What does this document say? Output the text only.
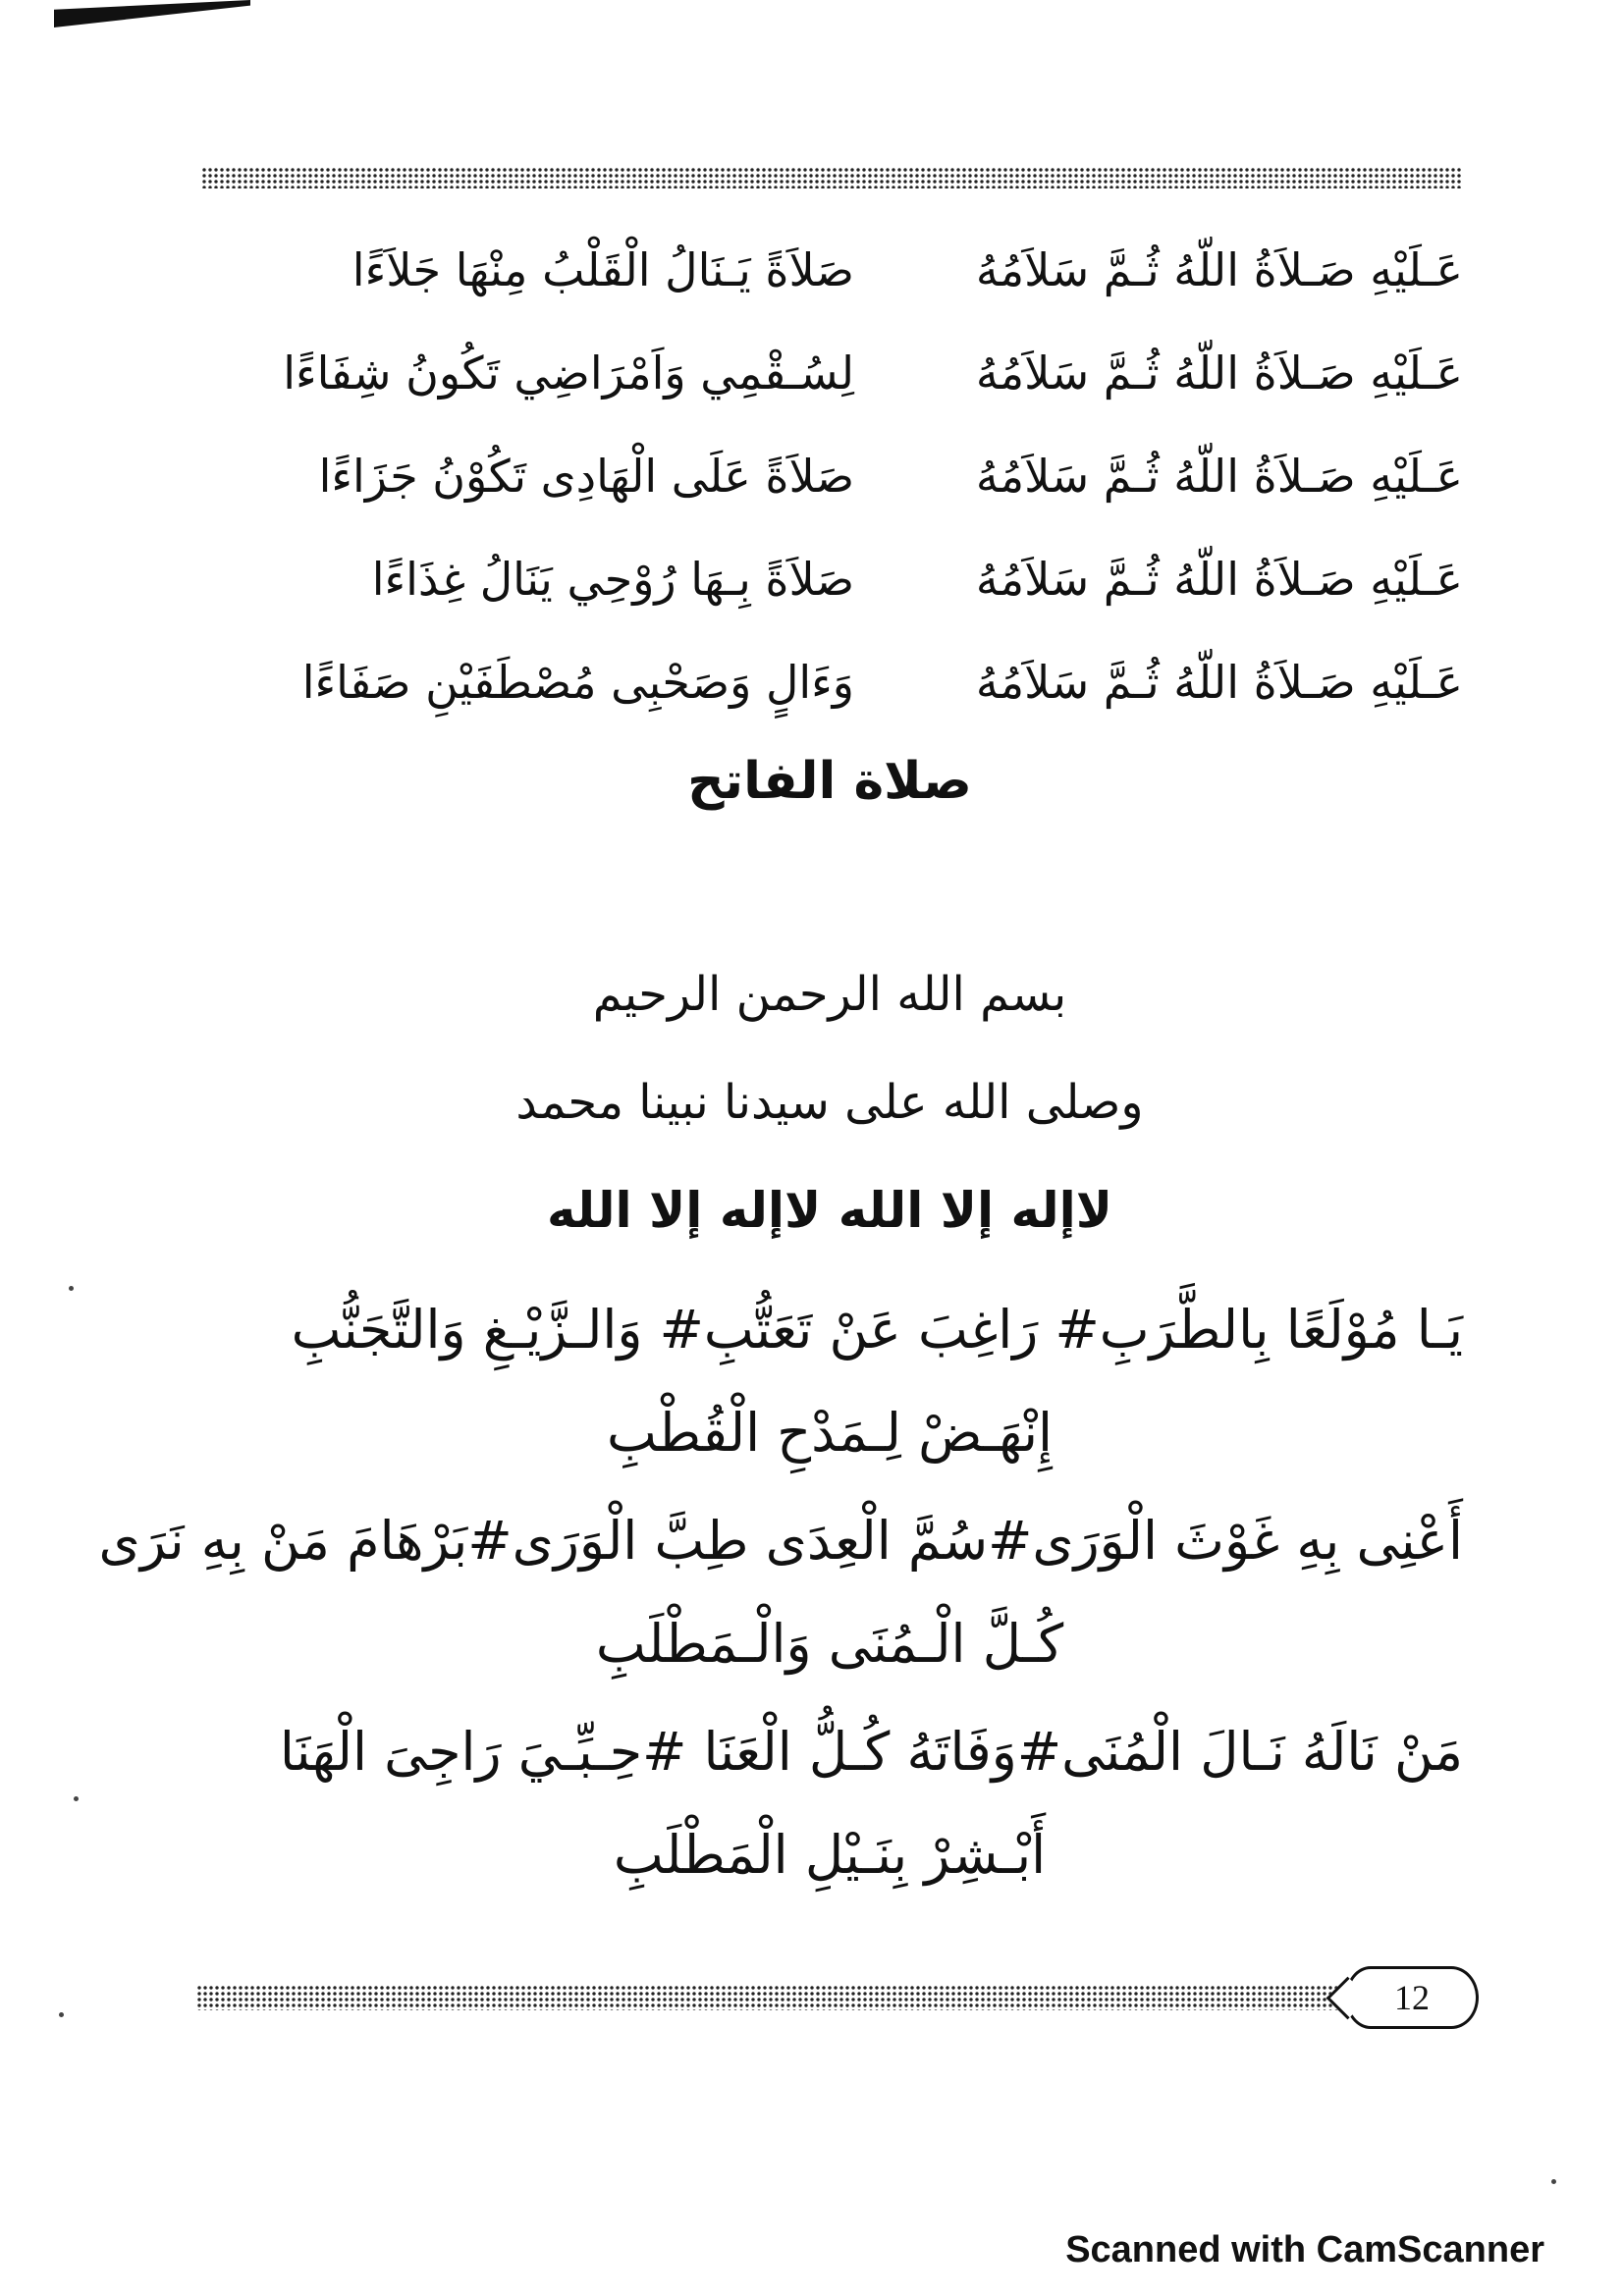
عَـلَيْهِ صَـلاَةُ اللّهُ ثُـمَّ سَلاَمُهُ
صَلاَةً يَـنَالُ الْقَلْبُ مِنْهَا جَلاَءًا
عَـلَيْهِ صَـلاَةُ اللّهُ ثُـمَّ سَلاَمُهُ
لِسُـقْمِي وَاَمْرَاضِي تَكُونُ شِفَاءًا
عَـلَيْهِ صَـلاَةُ اللّهُ ثُـمَّ سَلاَمُهُ
صَلاَةً عَلَى الْهَادِى تَكُوْنُ جَزَاءًا
عَـلَيْهِ صَـلاَةُ اللّهُ ثُـمَّ سَلاَمُهُ
صَلاَةً بِـهَا رُوْحِي يَنَالُ غِذَاءًا
عَـلَيْهِ صَـلاَةُ اللّهُ ثُـمَّ سَلاَمُهُ
وَءَالٍ وَصَحْبِى مُصْطَفَيْنِ صَفَاءًا
صلاة الفاتح
بسم الله الرحمن الرحيم
وصلى الله على سيدنا نبينا محمد
لاإله إلا الله لاإله إلا الله
يَـا مُوْلَعًا بِالطَّرَبِ# رَاغِبَ عَنْ تَعَتُّبِ# وَالـزَّيْـغِ وَالتَّجَنُّبِ
إِنْهَـضْ لِـمَدْحِ الْقُطْبِ
أَعْنِى بِهِ غَوْثَ الْوَرَى#سُمَّ الْعِدَى طِبَّ الْوَرَى#بَرْهَامَ مَنْ بِهِ نَرَى
كُـلَّ الْـمُنَى وَالْـمَطْلَبِ
مَنْ نَالَهُ نَـالَ الْمُنَى#وَفَاتَهُ كُـلُّ الْعَنَا #حِـبِّـيَ رَاجِىَ الْهَنَا
أَبْـشِرْ بِنَـيْلِ الْمَطْلَبِ
12
Scanned with CamScanner
